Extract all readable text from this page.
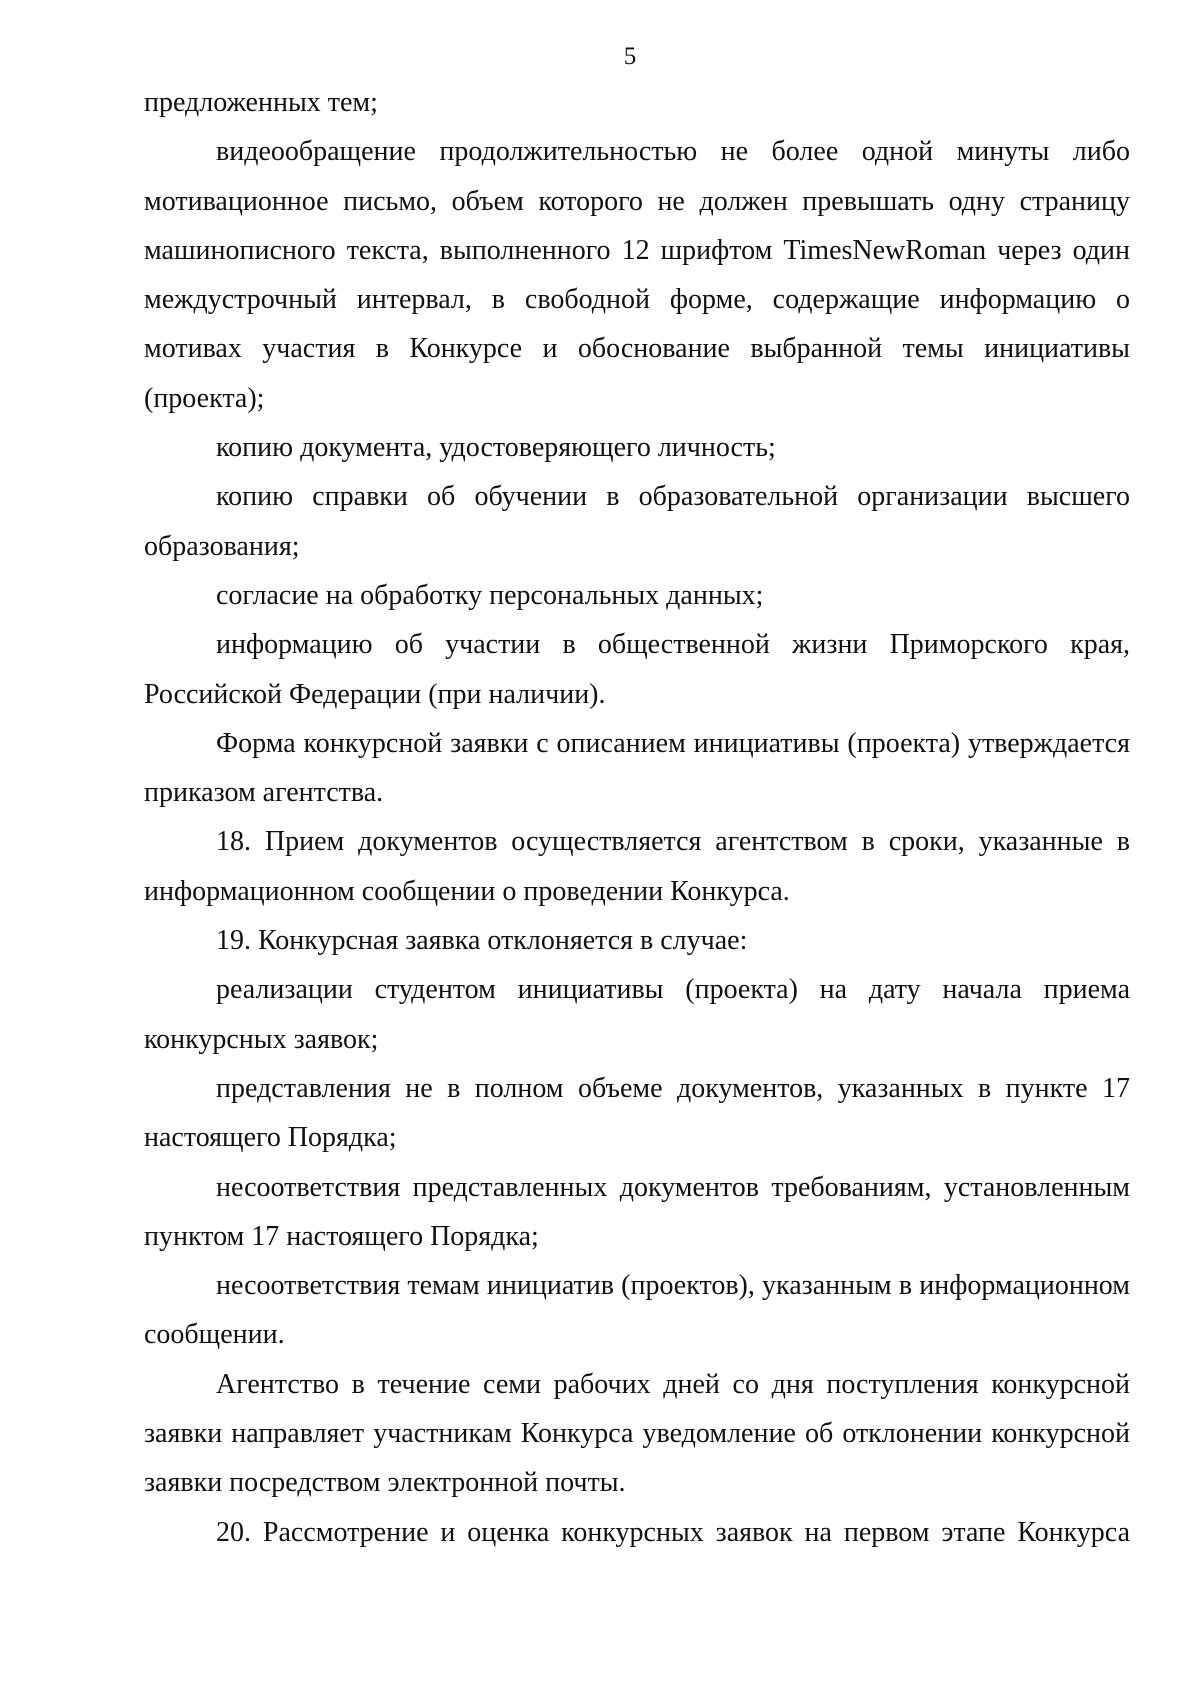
5

предложенных тем;

видеообращение продолжительностью не более одной минуты либо мотивационное письмо, объем которого не должен превышать одну страницу машинописного текста, выполненного 12 шрифтом TimesNewRoman через один междустрочный интервал, в свободной форме, содержащие информацию о мотивах участия в Конкурсе и обоснование выбранной темы инициативы (проекта);

копию документа, удостоверяющего личность;

копию справки об обучении в образовательной организации высшего образования;

согласие на обработку персональных данных;

информацию об участии в общественной жизни Приморского края, Российской Федерации (при наличии).

Форма конкурсной заявки с описанием инициативы (проекта) утверждается приказом агентства.

18. Прием документов осуществляется агентством в сроки, указанные в информационном сообщении о проведении Конкурса.

19. Конкурсная заявка отклоняется в случае:

реализации студентом инициативы (проекта) на дату начала приема конкурсных заявок;

представления не в полном объеме документов, указанных в пункте 17 настоящего Порядка;

несоответствия представленных документов требованиям, установленным пунктом 17 настоящего Порядка;

несоответствия темам инициатив (проектов), указанным в информационном сообщении.

Агентство в течение семи рабочих дней со дня поступления конкурсной заявки направляет участникам Конкурса уведомление об отклонении конкурсной заявки посредством электронной почты.

20. Рассмотрение и оценка конкурсных заявок на первом этапе Конкурса
